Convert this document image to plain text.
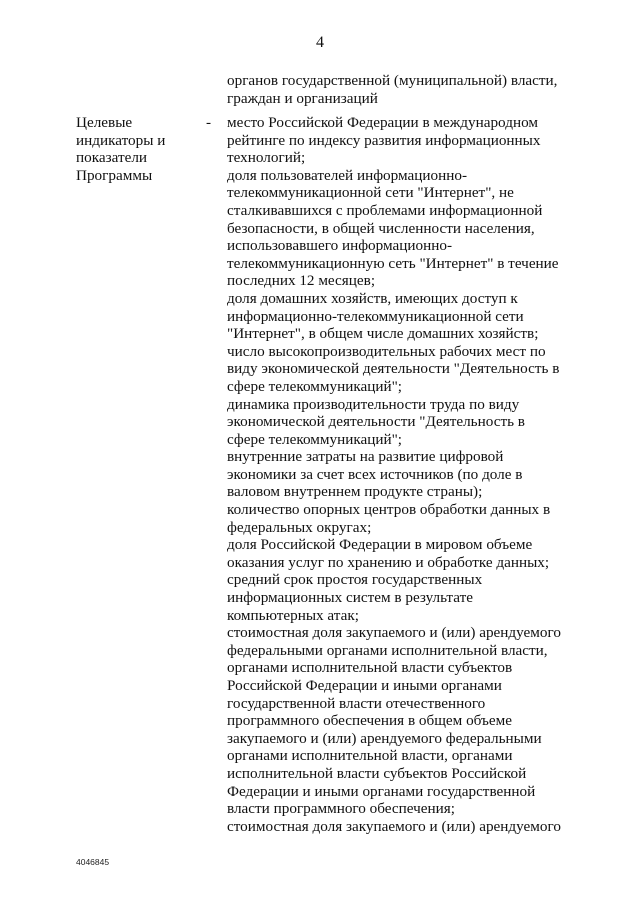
4
органов государственной (муниципальной) власти,
граждан и организаций
Целевые
индикаторы и
показатели
Программы
-	место Российской Федерации в международном
рейтинге по индексу развития информационных
технологий;
доля пользователей информационно-
телекоммуникационной сети "Интернет", не
сталкивавшихся с проблемами информационной
безопасности, в общей численности населения,
использовавшего информационно-
телекоммуникационную сеть "Интернет" в течение
последних 12 месяцев;
доля домашних хозяйств, имеющих доступ к
информационно-телекоммуникационной сети
"Интернет", в общем числе домашних хозяйств;
число высокопроизводительных рабочих мест по
виду экономической деятельности "Деятельность в
сфере телекоммуникаций";
динамика производительности труда по виду
экономической деятельности "Деятельность в
сфере телекоммуникаций";
внутренние затраты на развитие цифровой
экономики за счет всех источников (по доле в
валовом внутреннем продукте страны);
количество опорных центров обработки данных в
федеральных округах;
доля Российской Федерации в мировом объеме
оказания услуг по хранению и обработке данных;
средний срок простоя государственных
информационных систем в результате
компьютерных атак;
стоимостная доля закупаемого и (или) арендуемого
федеральными органами исполнительной власти,
органами исполнительной власти субъектов
Российской Федерации и иными органами
государственной власти отечественного
программного обеспечения в общем объеме
закупаемого и (или) арендуемого федеральными
органами исполнительной власти, органами
исполнительной власти субъектов Российской
Федерации и иными органами государственной
власти программного обеспечения;
стоимостная доля закупаемого и (или) арендуемого
4046845
